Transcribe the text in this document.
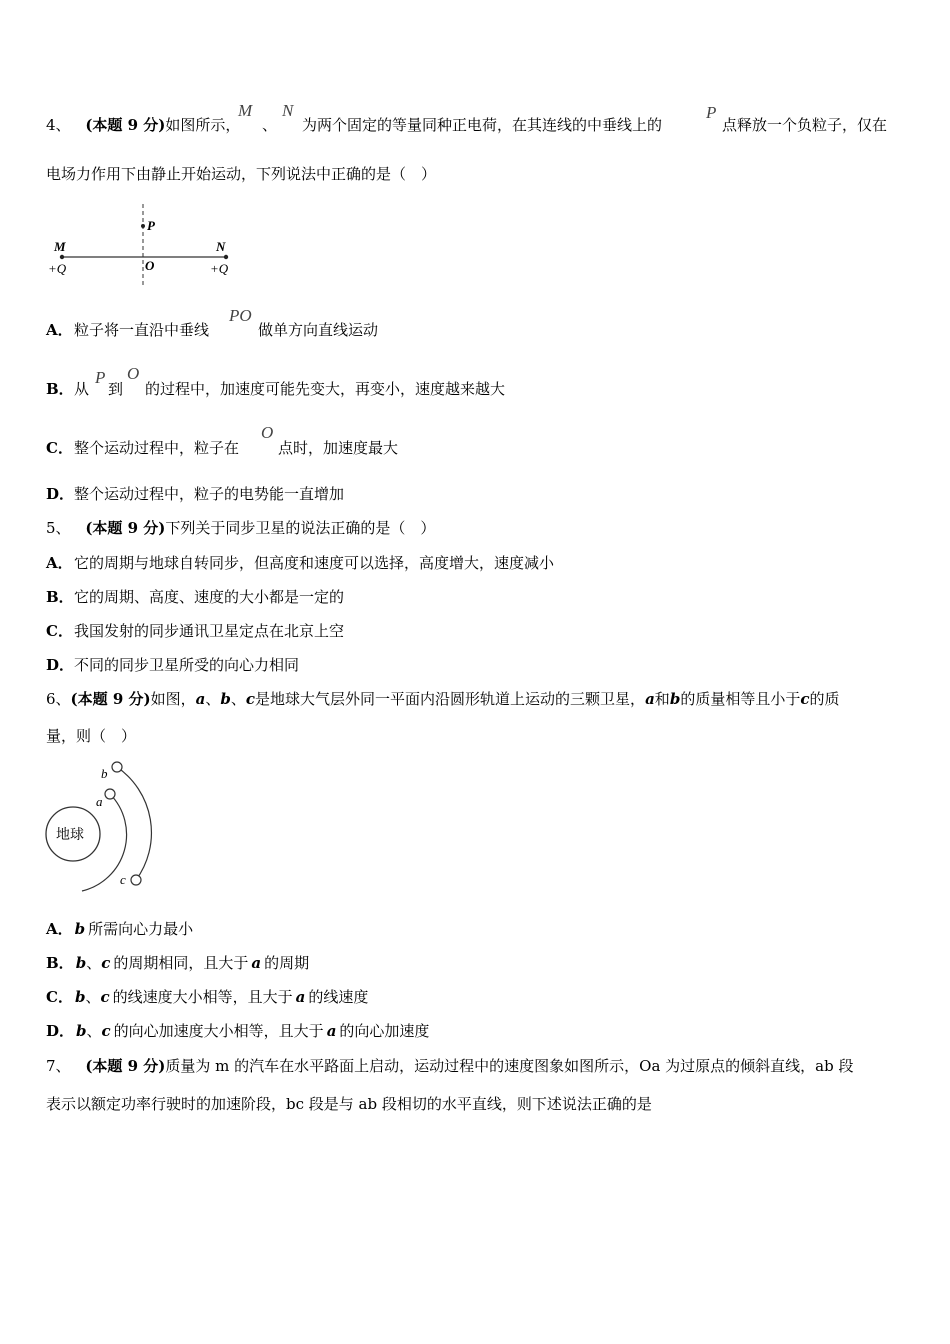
4、 (本题 9 分)如图所示，
M
、
N
为两个固定的等量同种正电荷，在其连线的中垂线上的
P
点释放一个负粒子，仅在
电场力作用下由静止开始运动，下列说法中正确的是（　）
P
M	N
O
+Q	+Q
A． 粒子将一直沿中垂线
PO
做单方向直线运动
B． 从
P
到
O
的过程中，加速度可能先变大，再变小，速度越来越大
C． 整个运动过程中，粒子在
O
点时，加速度最大
D． 整个运动过程中，粒子的电势能一直增加
5、 (本题 9 分)下列关于同步卫星的说法正确的是（　）
A． 它的周期与地球自转同步，但高度和速度可以选择，高度增大，速度减小
B． 它的周期、高度、速度的大小都是一定的
C． 我国发射的同步通讯卫星定点在北京上空
D． 不同的同步卫星所受的向心力相同
6、(本题 9 分)如图，a、b、c是地球大气层外同一平面内沿圆形轨道上运动的三颗卫星，a和b的质量相等且小于c的质
量，则（　）
地球
a
b
c
A． b 所需向心力最小
B． b、c 的周期相同，且大于 a 的周期
C． b、c 的线速度大小相等，且大于 a 的线速度
D． b、c 的向心加速度大小相等，且大于 a 的向心加速度
7、 (本题 9 分)质量为 m 的汽车在水平路面上启动，运动过程中的速度图象如图所示，Oa 为过原点的倾斜直线，ab 段
表示以额定功率行驶时的加速阶段，bc 段是与 ab 段相切的水平直线，则下述说法正确的是
